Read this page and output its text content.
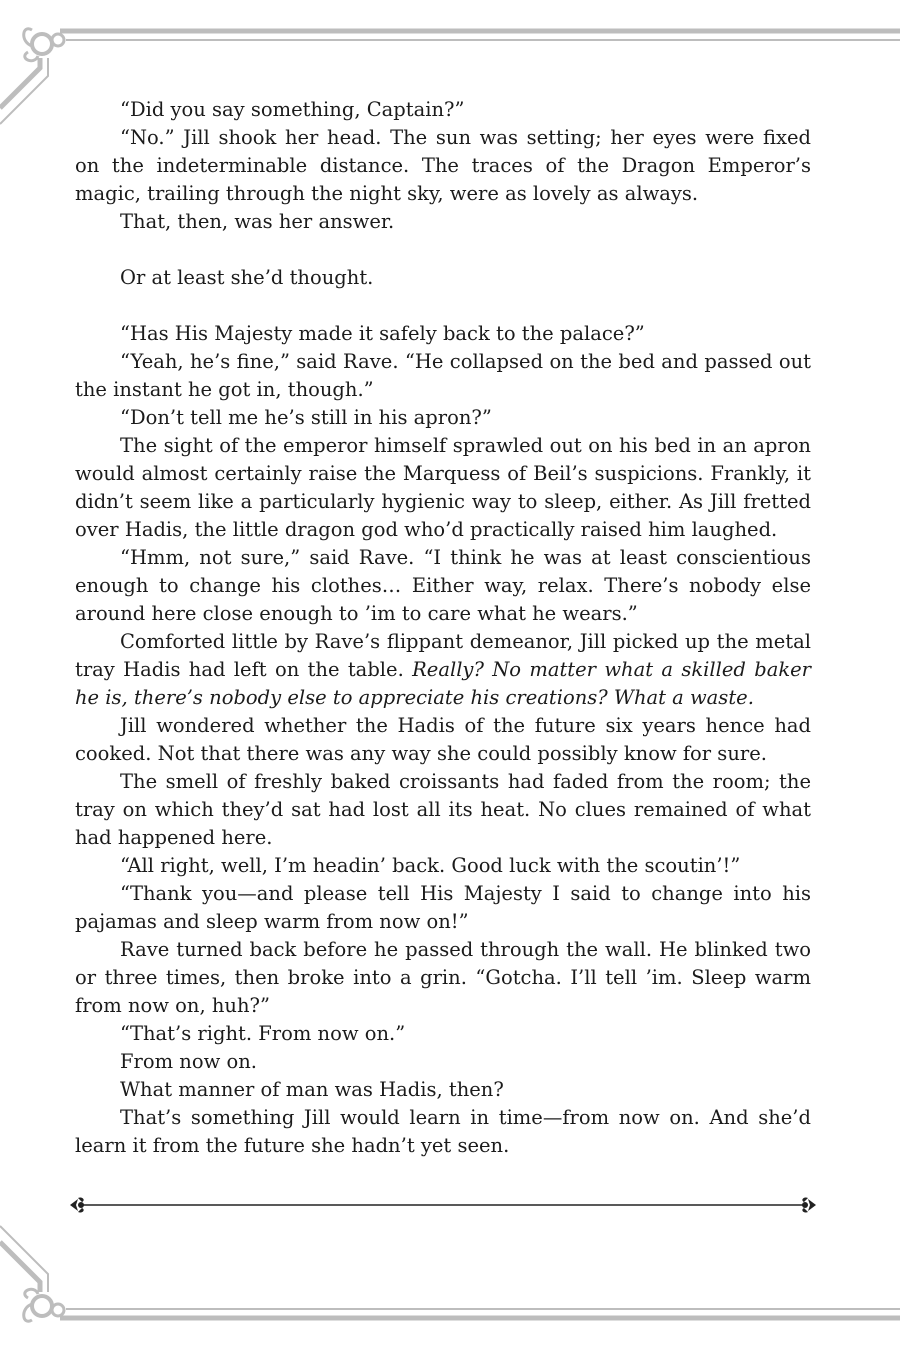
“Did you say something, Captain?”

“No.” Jill shook her head. The sun was setting; her eyes were fixed on the indeterminable distance. The traces of the Dragon Emperor’s magic, trailing through the night sky, were as lovely as always.

That, then, was her answer.

Or at least she’d thought.

“Has His Majesty made it safely back to the palace?”

“Yeah, he’s fine,” said Rave. “He collapsed on the bed and passed out the instant he got in, though.”

“Don’t tell me he’s still in his apron?”

The sight of the emperor himself sprawled out on his bed in an apron would almost certainly raise the Marquess of Beil’s suspicions. Frankly, it didn’t seem like a particularly hygienic way to sleep, either. As Jill fretted over Hadis, the little dragon god who’d practically raised him laughed.

“Hmm, not sure,” said Rave. “I think he was at least conscientious enough to change his clothes… Either way, relax. There’s nobody else around here close enough to ’im to care what he wears.”

Comforted little by Rave’s flippant demeanor, Jill picked up the metal tray Hadis had left on the table. Really? No matter what a skilled baker he is, there’s nobody else to appreciate his creations? What a waste.

Jill wondered whether the Hadis of the future six years hence had cooked. Not that there was any way she could possibly know for sure.

The smell of freshly baked croissants had faded from the room; the tray on which they’d sat had lost all its heat. No clues remained of what had happened here.

“All right, well, I’m headin’ back. Good luck with the scoutin’!”

“Thank you—and please tell His Majesty I said to change into his pajamas and sleep warm from now on!”

Rave turned back before he passed through the wall. He blinked two or three times, then broke into a grin. “Gotcha. I’ll tell ’im. Sleep warm from now on, huh?”

“That’s right. From now on.”

From now on.

What manner of man was Hadis, then?

That’s something Jill would learn in time—from now on. And she’d learn it from the future she hadn’t yet seen.
